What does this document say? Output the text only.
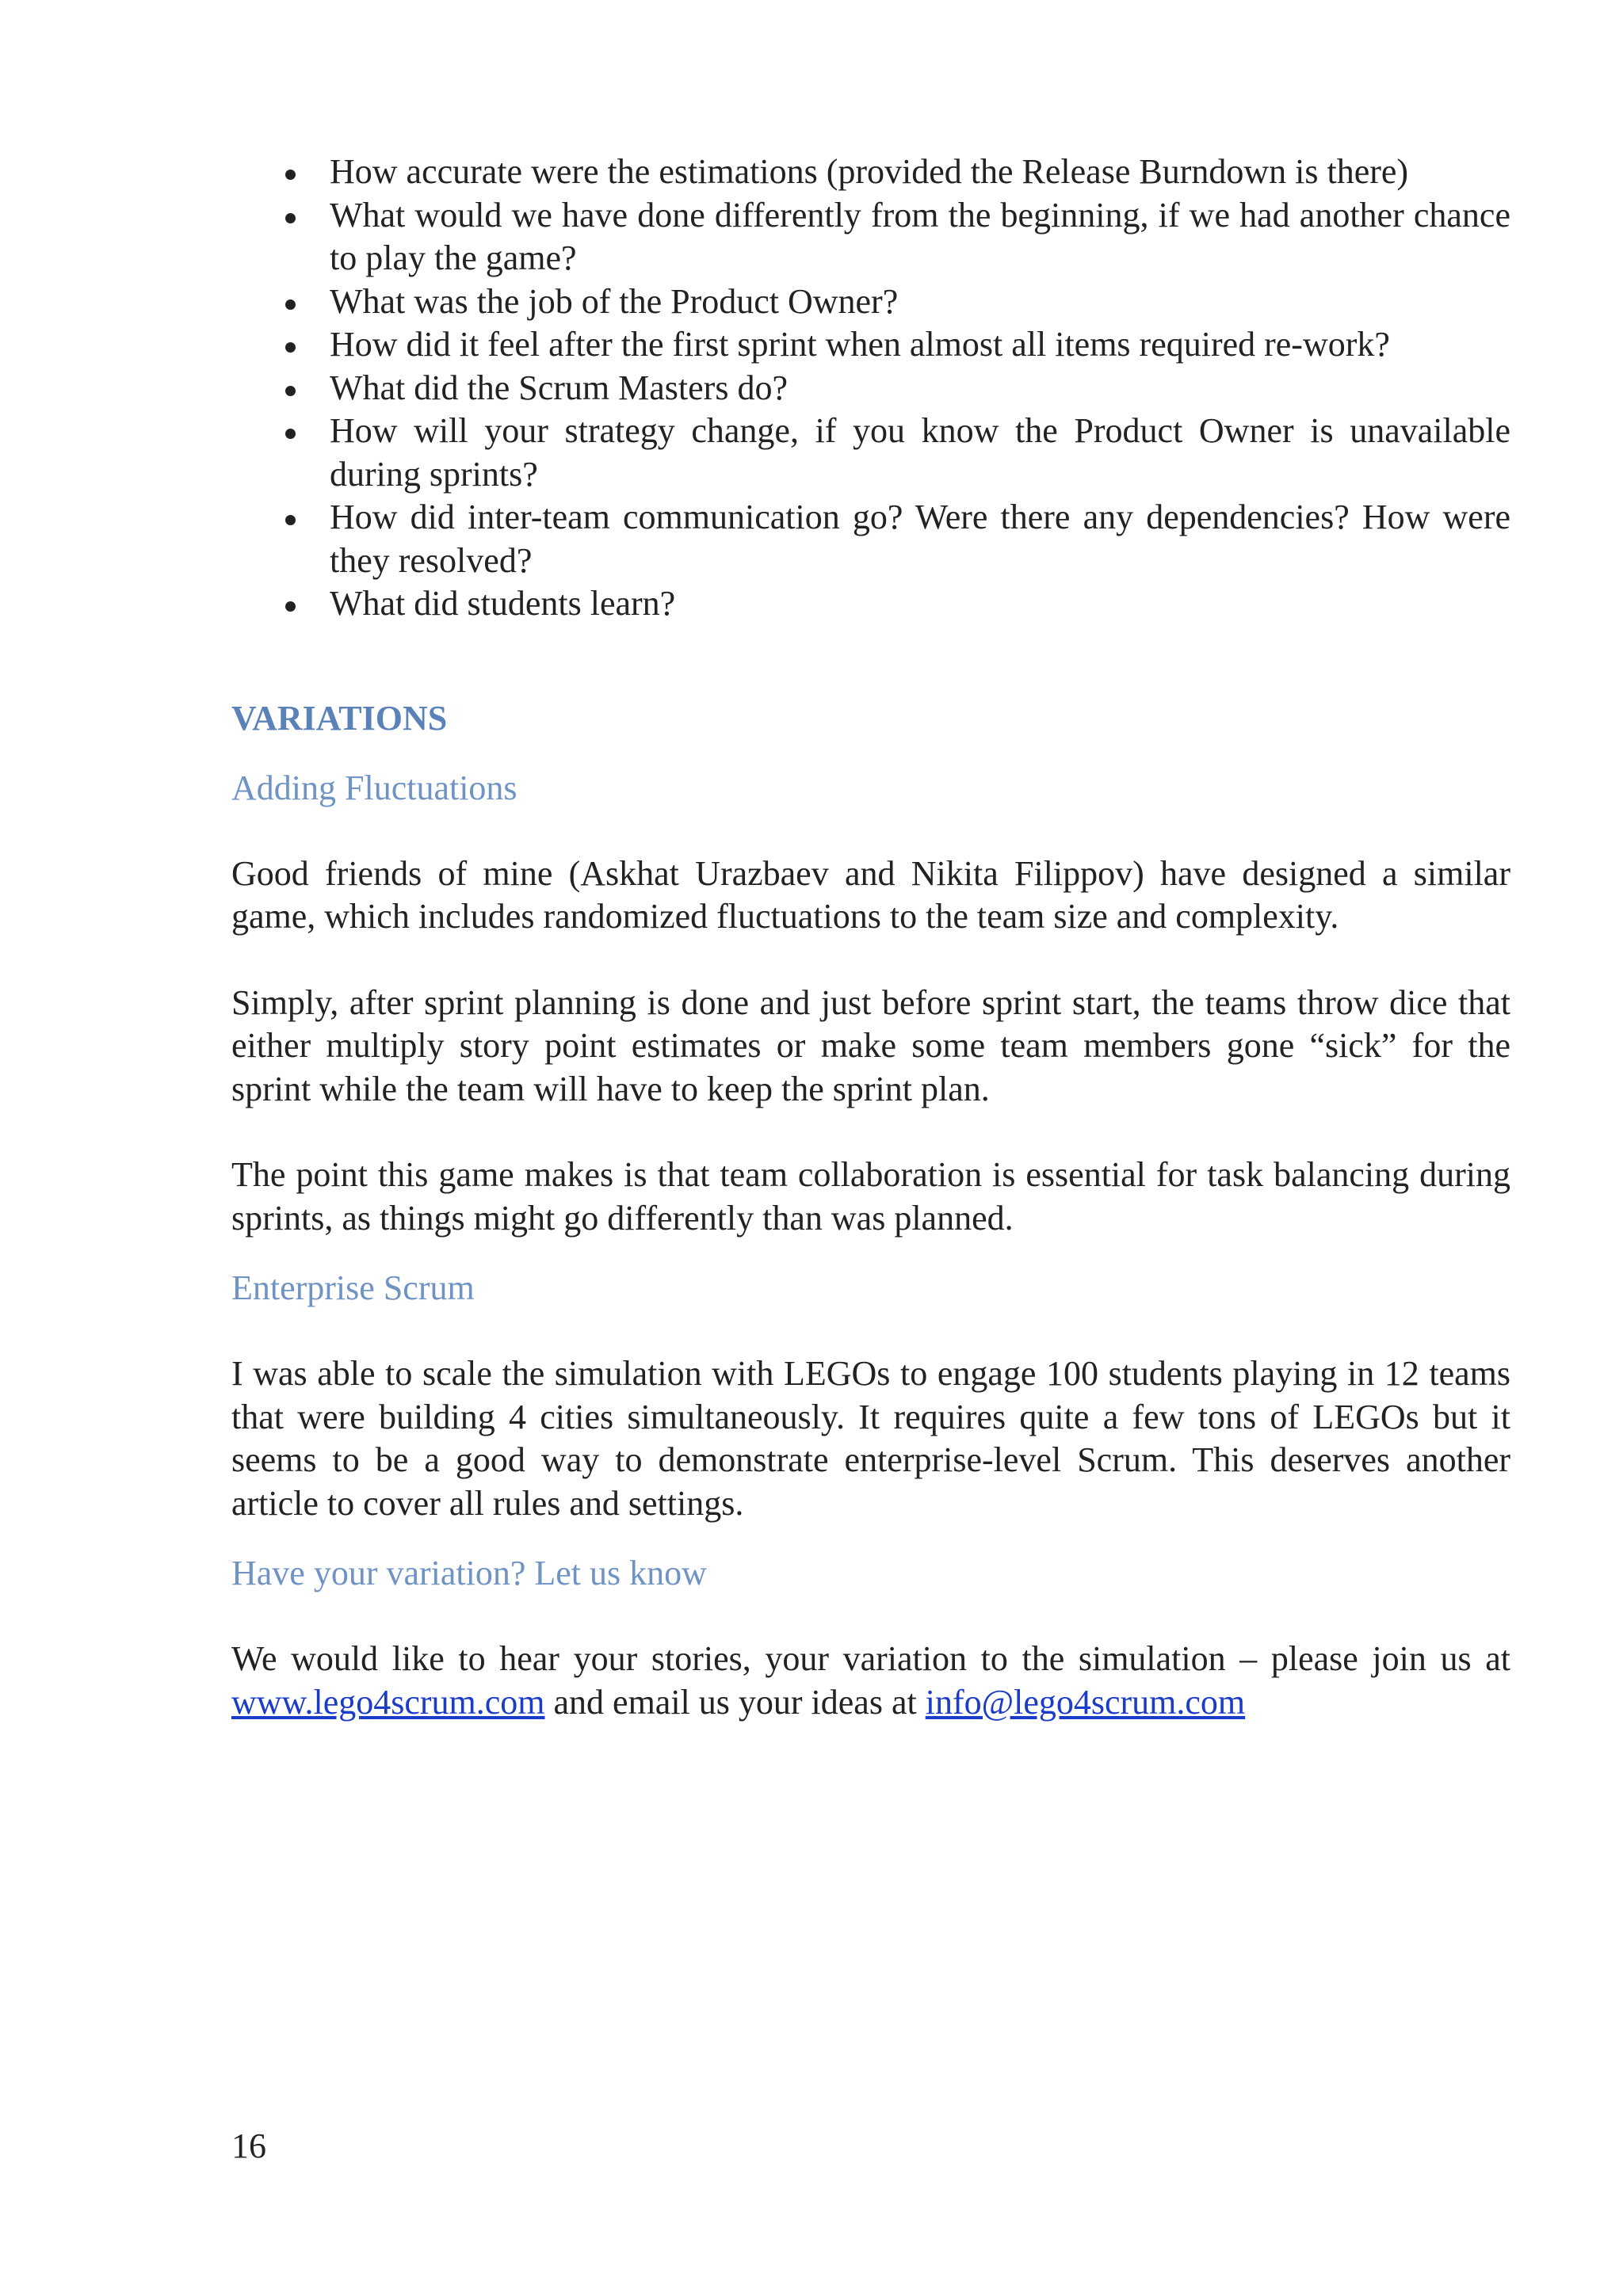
How accurate were the estimations (provided the Release Burndown is there)
What would we have done differently from the beginning, if we had another chance to play the game?
What was the job of the Product Owner?
How did it feel after the first sprint when almost all items required re-work?
What did the Scrum Masters do?
How will your strategy change, if you know the Product Owner is unavailable during sprints?
How did inter-team communication go? Were there any dependencies? How were they resolved?
What did students learn?
VARIATIONS
Adding Fluctuations

Good friends of mine (Askhat Urazbaev and Nikita Filippov) have designed a similar game, which includes randomized fluctuations to the team size and complexity.

Simply, after sprint planning is done and just before sprint start, the teams throw dice that either multiply story point estimates or make some team members gone “sick” for the sprint while the team will have to keep the sprint plan.

The point this game makes is that team collaboration is essential for task balancing during sprints, as things might go differently than was planned.

Enterprise Scrum

I was able to scale the simulation with LEGOs to engage 100 students playing in 12 teams that were building 4 cities simultaneously. It requires quite a few tons of LEGOs but it seems to be a good way to demonstrate enterprise-level Scrum. This deserves another article to cover all rules and settings.

Have your variation? Let us know

We would like to hear your stories, your variation to the simulation – please join us at www.lego4scrum.com and email us your ideas at info@lego4scrum.com

16
